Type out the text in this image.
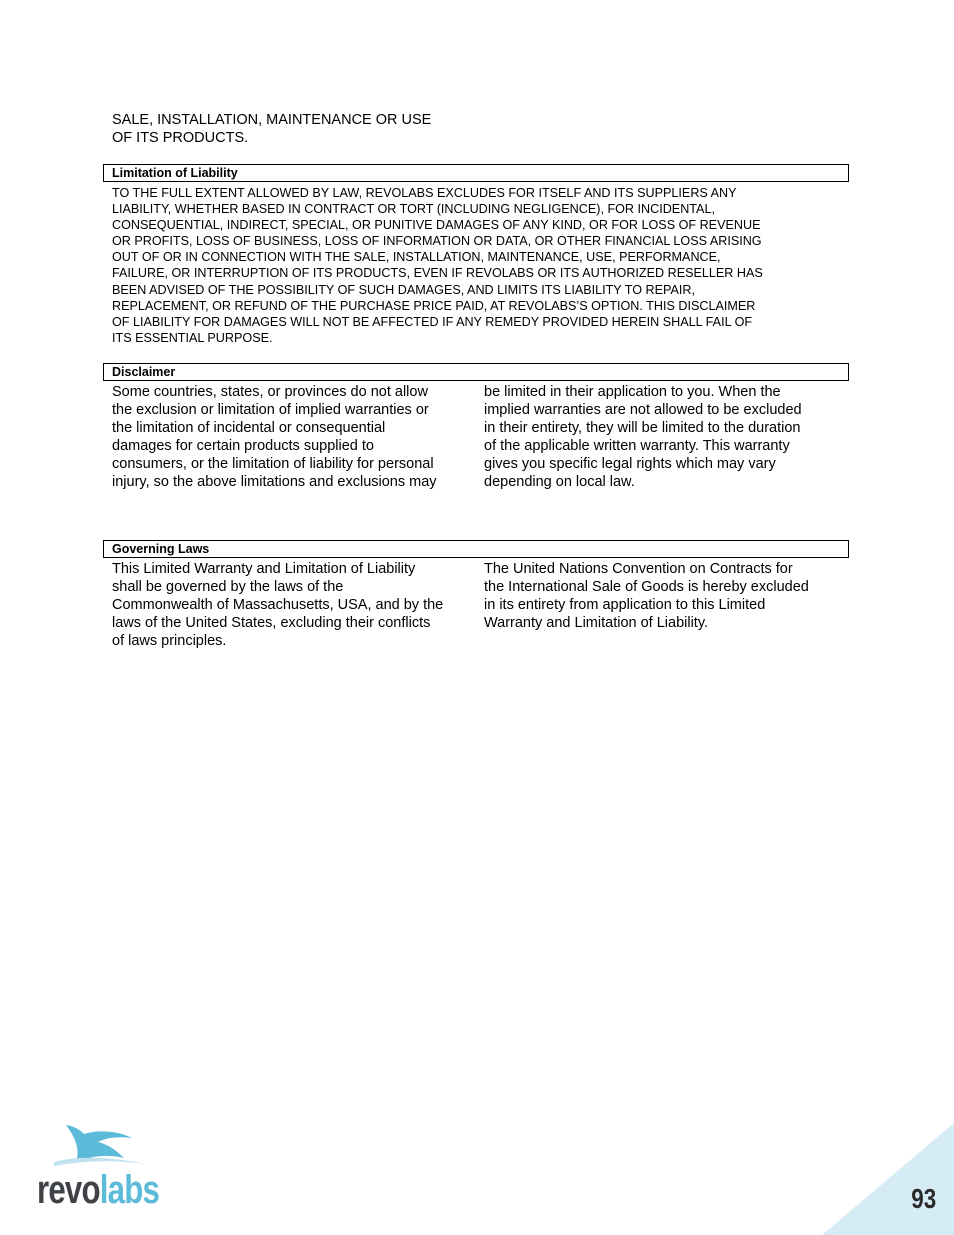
SALE, INSTALLATION, MAINTENANCE OR USE
OF ITS PRODUCTS.
Limitation of Liability
TO THE FULL EXTENT ALLOWED BY LAW, REVOLABS EXCLUDES FOR ITSELF AND ITS SUPPLIERS ANY
LIABILITY, WHETHER BASED IN CONTRACT OR TORT (INCLUDING NEGLIGENCE), FOR INCIDENTAL,
CONSEQUENTIAL, INDIRECT, SPECIAL, OR PUNITIVE DAMAGES OF ANY KIND, OR FOR LOSS OF REVENUE
OR PROFITS, LOSS OF BUSINESS, LOSS OF INFORMATION OR DATA, OR OTHER FINANCIAL LOSS ARISING
OUT OF OR IN CONNECTION WITH THE SALE, INSTALLATION, MAINTENANCE, USE, PERFORMANCE,
FAILURE, OR INTERRUPTION OF ITS PRODUCTS, EVEN IF REVOLABS OR ITS AUTHORIZED RESELLER HAS
BEEN ADVISED OF THE POSSIBILITY OF SUCH DAMAGES, AND LIMITS ITS LIABILITY TO REPAIR,
REPLACEMENT, OR REFUND OF THE PURCHASE PRICE PAID, AT REVOLABS’S OPTION. THIS DISCLAIMER
OF LIABILITY FOR DAMAGES WILL NOT BE AFFECTED IF ANY REMEDY PROVIDED HEREIN SHALL FAIL OF
ITS ESSENTIAL PURPOSE.
Disclaimer
Some countries, states, or provinces do not allow
the exclusion or limitation of implied warranties or
the limitation of incidental or consequential
damages for certain products supplied to
consumers, or the limitation of liability for personal
injury, so the above limitations and exclusions may
be limited in their application to you. When the
implied warranties are not allowed to be excluded
in their entirety, they will be limited to the duration
of the applicable written warranty. This warranty
gives you specific legal rights which may vary
depending on local law.
Governing Laws
This Limited Warranty and Limitation of Liability
shall be governed by the laws of the
Commonwealth of Massachusetts, USA, and by the
laws of the United States, excluding their conflicts
of laws principles.
The United Nations Convention on Contracts for
the International Sale of Goods is hereby excluded
in its entirety from application to this Limited
Warranty and Limitation of Liability.
revolabs	93
